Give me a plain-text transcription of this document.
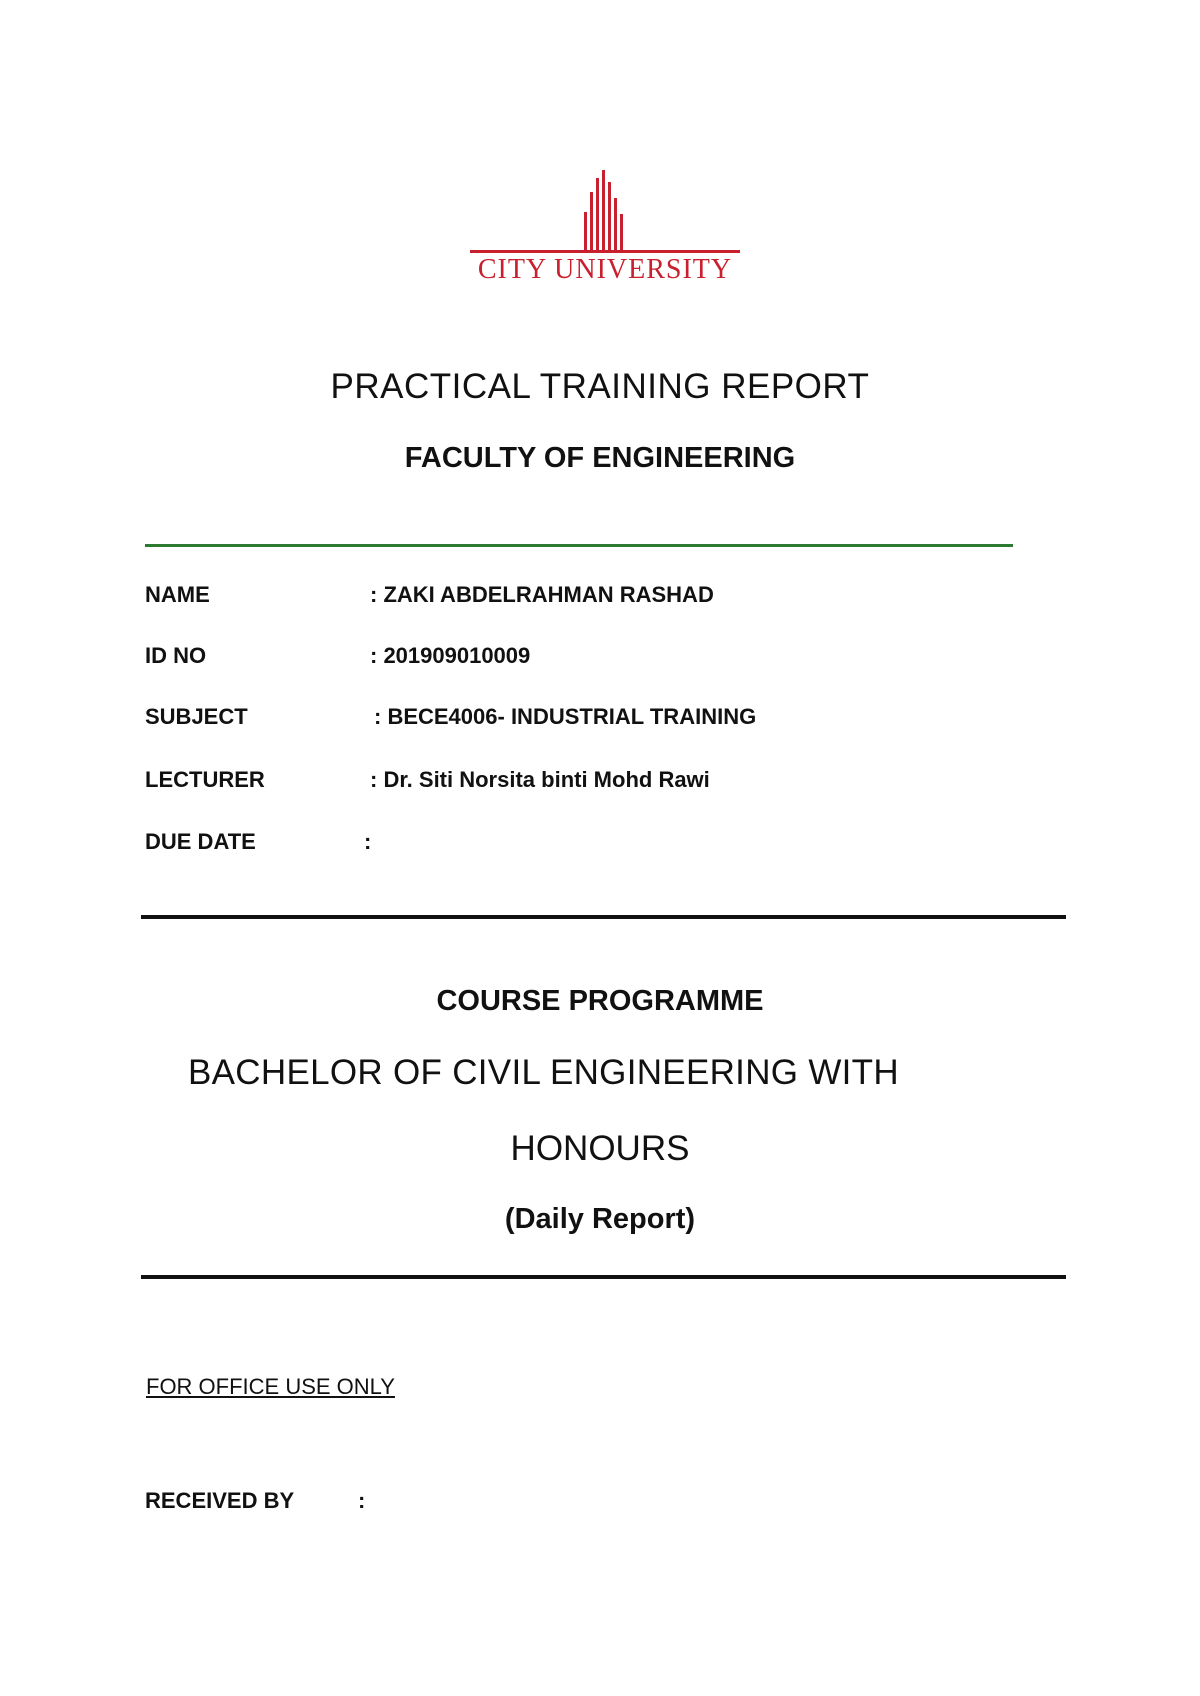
CITY UNIVERSITY
PRACTICAL TRAINING REPORT
FACULTY OF ENGINEERING
NAME	: ZAKI ABDELRAHMAN RASHAD
ID NO	: 201909010009
SUBJECT	: BECE4006- INDUSTRIAL TRAINING
LECTURER	: Dr. Siti Norsita binti Mohd Rawi
DUE DATE	:
COURSE PROGRAMME
BACHELOR OF CIVIL ENGINEERING WITH
HONOURS
(Daily Report)
FOR OFFICE USE ONLY
RECEIVED BY	:
